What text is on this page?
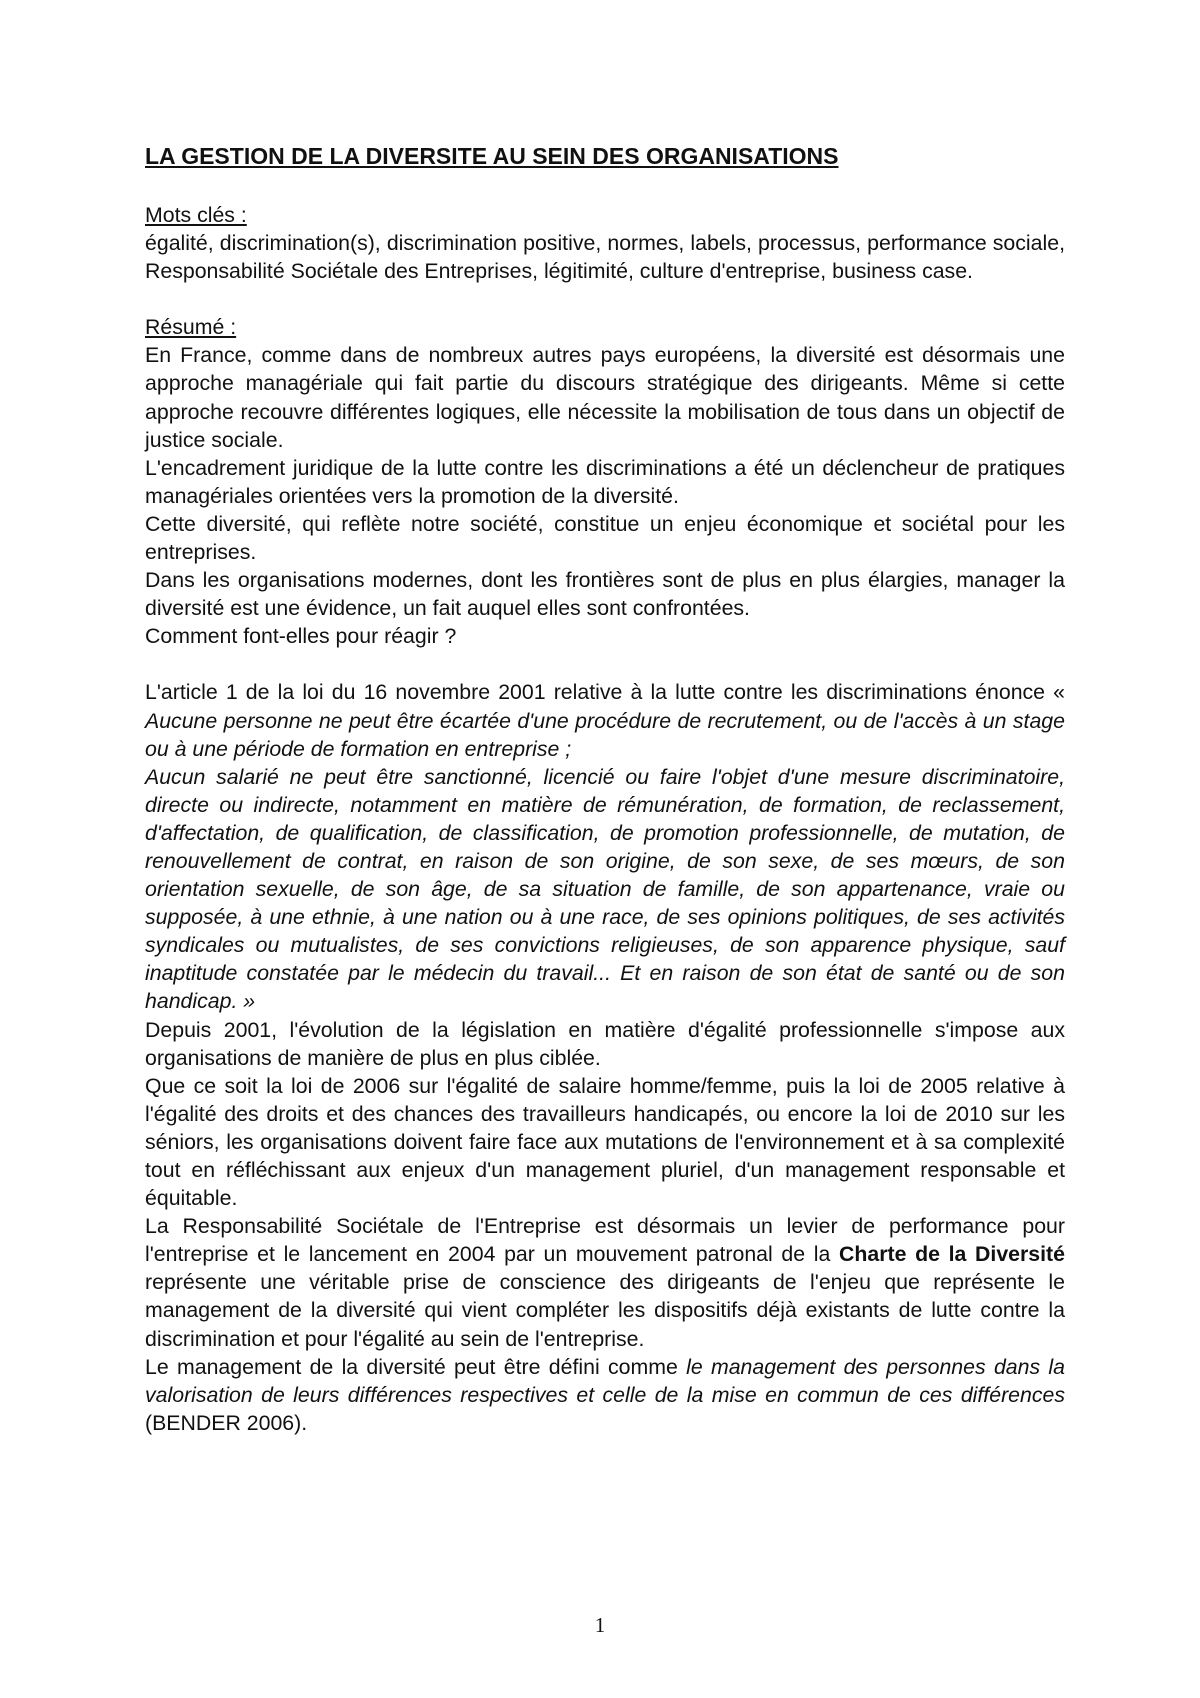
LA GESTION DE LA DIVERSITE AU SEIN DES ORGANISATIONS
Mots clés :

égalité, discrimination(s), discrimination positive, normes, labels, processus, performance sociale, Responsabilité Sociétale des Entreprises, légitimité, culture d'entreprise, business case.

Résumé :

En France, comme dans de nombreux autres pays européens, la diversité est désormais une approche managériale qui fait partie du discours stratégique des dirigeants. Même si cette approche recouvre différentes logiques, elle nécessite la mobilisation de tous dans un objectif de justice sociale.

L'encadrement juridique de la lutte contre les discriminations a été un déclencheur de pratiques managériales orientées vers la promotion de la diversité.

Cette diversité, qui reflète notre société, constitue un enjeu économique et sociétal pour les entreprises.

Dans les organisations modernes, dont les frontières sont de plus en plus élargies, manager la diversité est une évidence, un fait auquel elles sont confrontées.

Comment font-elles pour réagir ?

L'article 1 de la loi du 16 novembre 2001 relative à la lutte contre les discriminations énonce « Aucune personne ne peut être écartée d'une procédure de recrutement, ou de l'accès à un stage ou à une période de formation en entreprise ;

Aucun salarié ne peut être sanctionné, licencié ou faire l'objet d'une mesure discriminatoire, directe ou indirecte, notamment en matière de rémunération, de formation, de reclassement, d'affectation, de qualification, de classification, de promotion professionnelle, de mutation, de renouvellement de contrat, en raison de son origine, de son sexe, de ses mœurs, de son orientation sexuelle, de son âge, de sa situation de famille, de son appartenance, vraie ou supposée, à une ethnie, à une nation ou à une race, de ses opinions politiques, de ses activités syndicales ou mutualistes, de ses convictions religieuses, de son apparence physique, sauf inaptitude constatée par le médecin du travail... Et en raison de son état de santé ou de son handicap. »

Depuis 2001, l'évolution de la législation en matière d'égalité professionnelle s'impose aux organisations de manière de plus en plus ciblée.

Que ce soit la loi de 2006 sur l'égalité de salaire homme/femme, puis la loi de 2005 relative à l'égalité des droits et des chances des travailleurs handicapés, ou encore la loi de 2010 sur les séniors, les organisations doivent faire face aux mutations de l'environnement et à sa complexité tout en réfléchissant aux enjeux d'un management pluriel, d'un management responsable et équitable.

La Responsabilité Sociétale de l'Entreprise est désormais un levier de performance pour l'entreprise et le lancement en 2004 par un mouvement patronal de la Charte de la Diversité représente une véritable prise de conscience des dirigeants de l'enjeu que représente le management de la diversité qui vient compléter les dispositifs déjà existants de lutte contre la discrimination et pour l'égalité au sein de l'entreprise.

Le management de la diversité peut être défini comme le management des personnes dans la valorisation de leurs différences respectives et celle de la mise en commun de ces différences (BENDER 2006).

1
